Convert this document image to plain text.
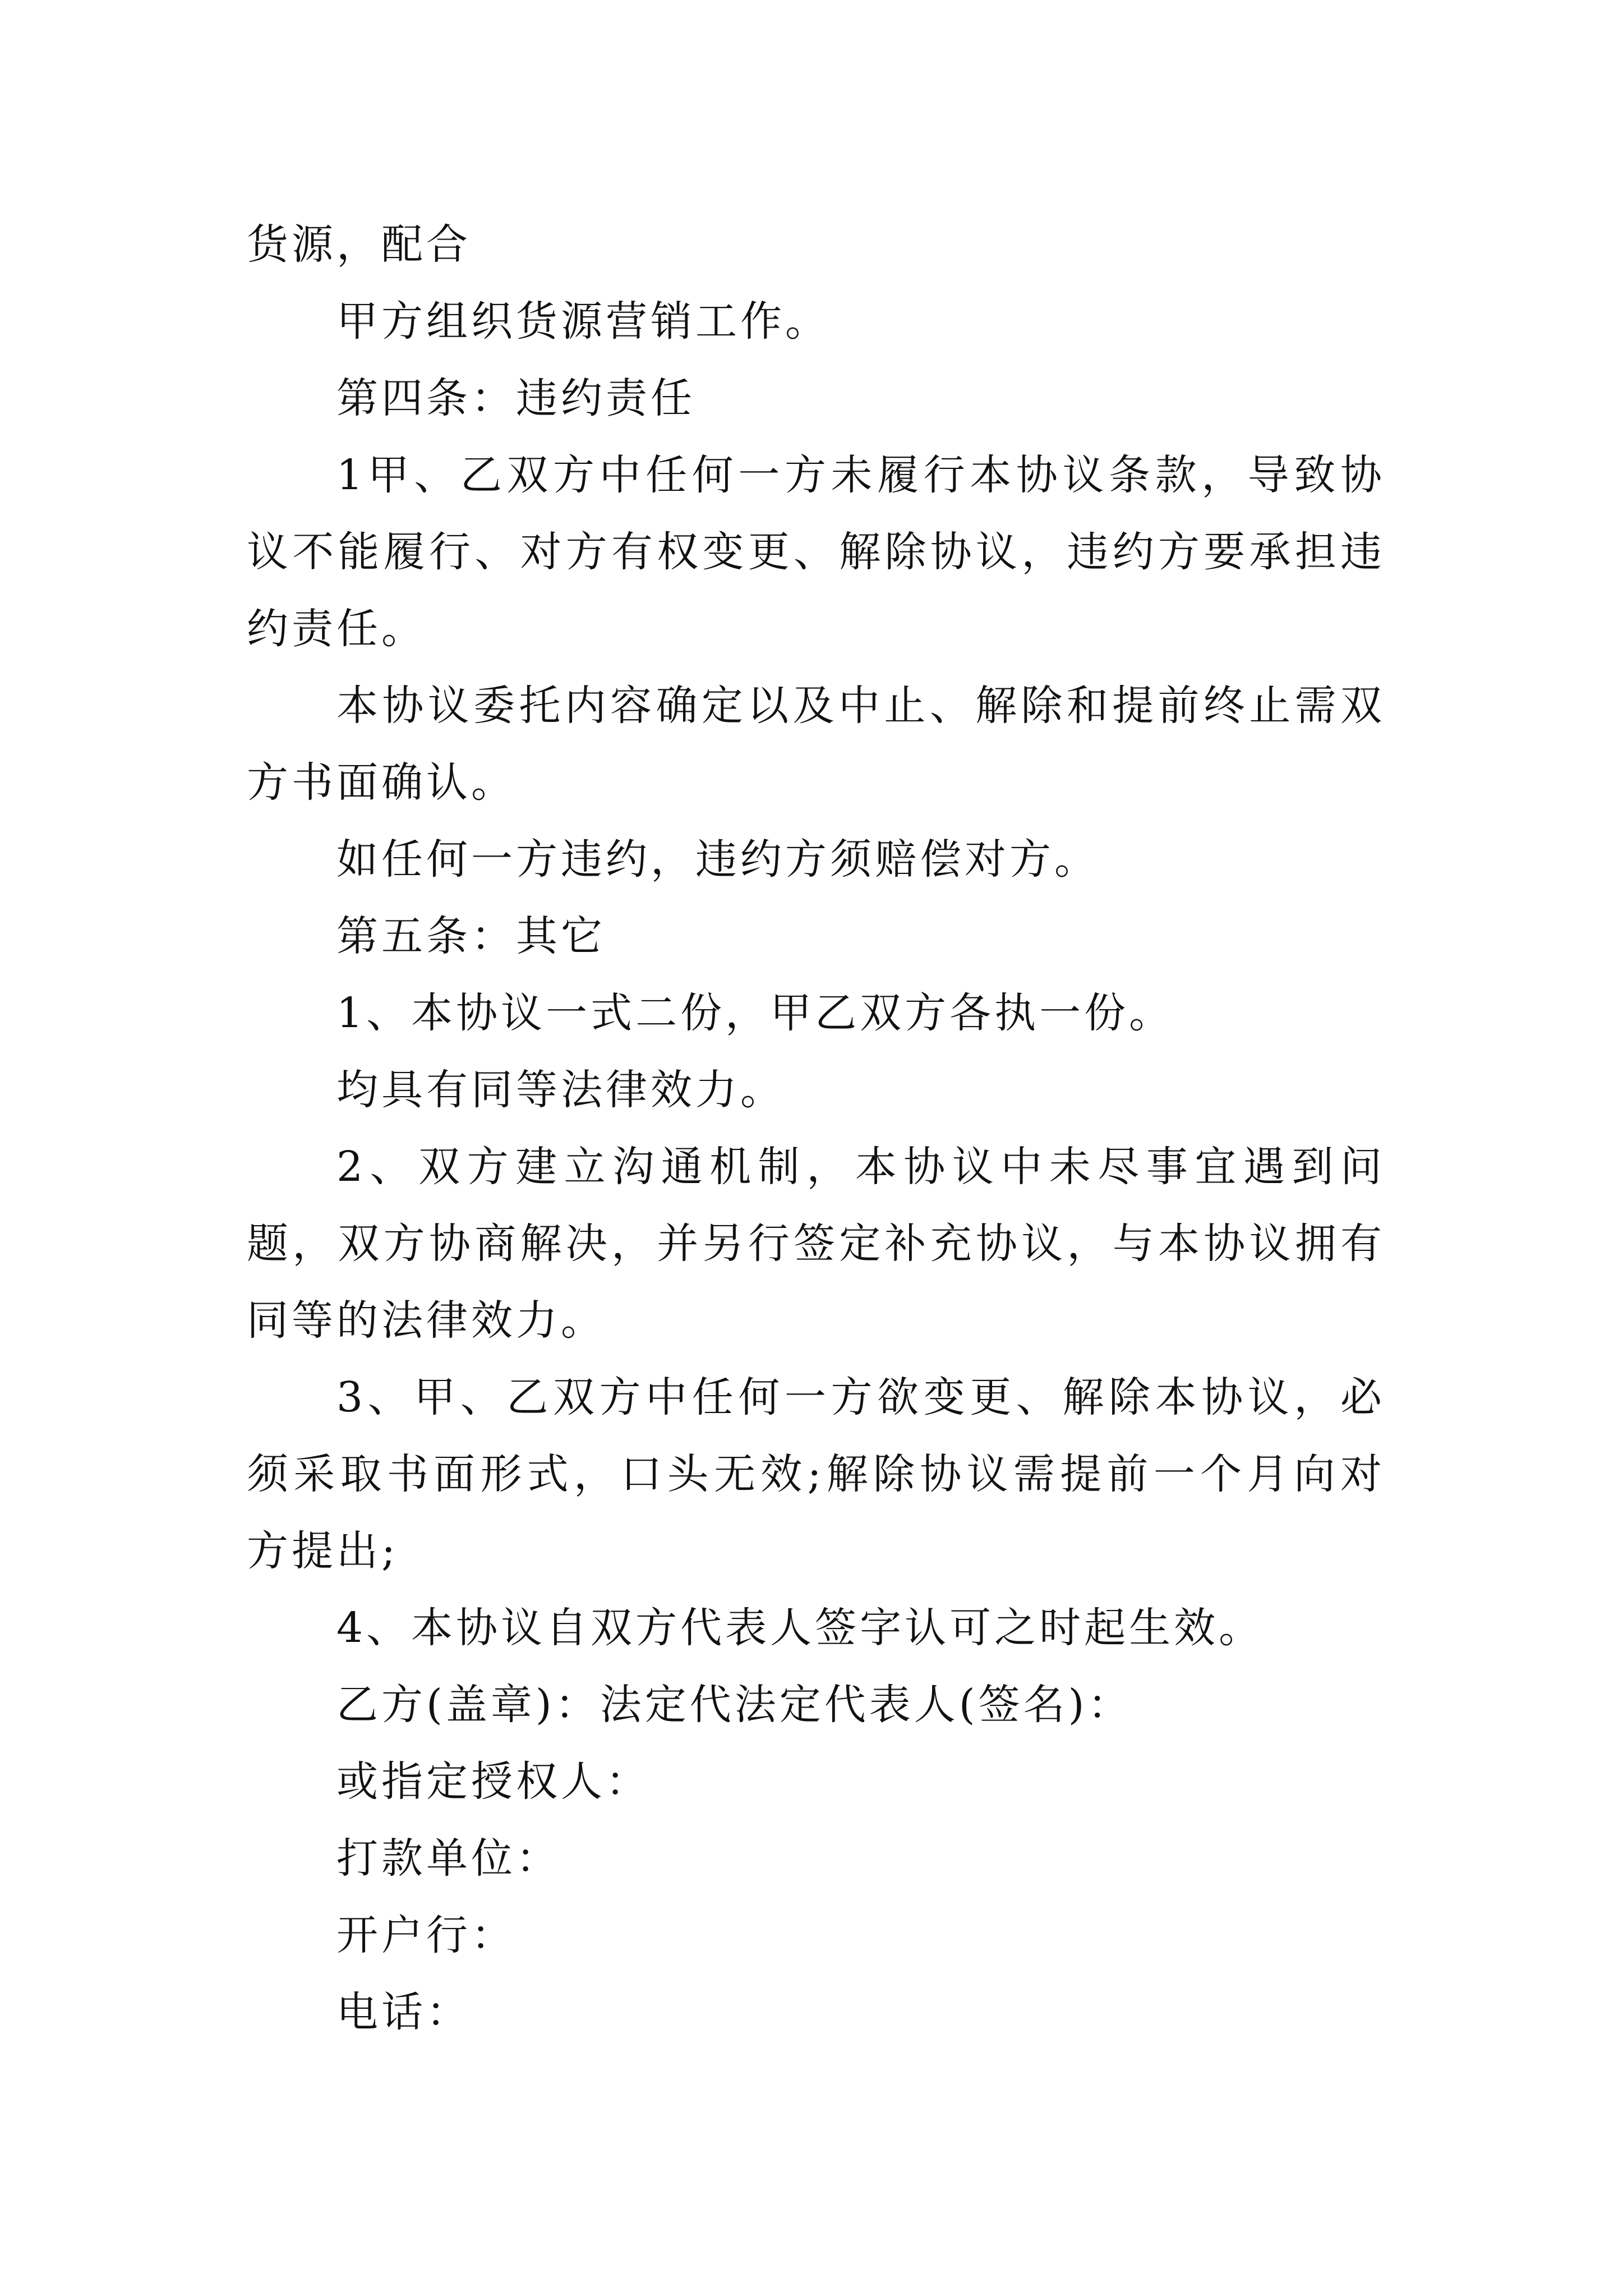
货源，配合

甲方组织货源营销工作。

第四条：违约责任

1甲、乙双方中任何一方未履行本协议条款，导致协议不能履行、对方有权变更、解除协议，违约方要承担违约责任。

本协议委托内容确定以及中止、解除和提前终止需双方书面确认。

如任何一方违约，违约方须赔偿对方。

第五条：其它

1、本协议一式二份，甲乙双方各执一份。

均具有同等法律效力。

2、双方建立沟通机制，本协议中未尽事宜遇到问题，双方协商解决，并另行签定补充协议，与本协议拥有同等的法律效力。

3、甲、乙双方中任何一方欲变更、解除本协议，必须采取书面形式，口头无效;解除协议需提前一个月向对方提出;

4、本协议自双方代表人签字认可之时起生效。

乙方(盖章)：法定代法定代表人(签名)：

或指定授权人：

打款单位：

开户行：

电话：
